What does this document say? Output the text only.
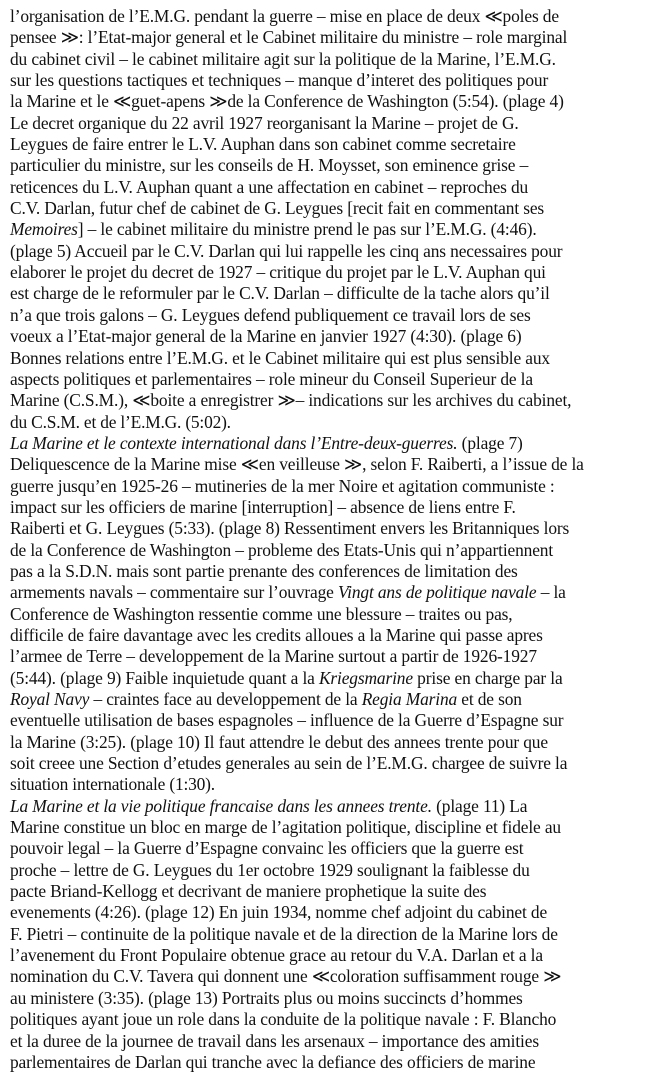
l’organisation de l’E.M.G. pendant la guerre – mise en place de deux ≪poles de
pensee ≫: l’Etat-major general et le Cabinet militaire du ministre – role marginal
du cabinet civil – le cabinet militaire agit sur la politique de la Marine, l’E.M.G.
sur les questions tactiques et techniques – manque d’interet des politiques pour
la Marine et le ≪guet-apens ≫de la Conference de Washington (5:54). (plage 4)
Le decret organique du 22 avril 1927 reorganisant la Marine – projet de G.
Leygues de faire entrer le L.V. Auphan dans son cabinet comme secretaire
particulier du ministre, sur les conseils de H. Moysset, son eminence grise –
reticences du L.V. Auphan quant a une affectation en cabinet – reproches du
C.V. Darlan, futur chef de cabinet de G. Leygues [recit fait en commentant ses
Memoires] – le cabinet militaire du ministre prend le pas sur l’E.M.G. (4:46).
(plage 5) Accueil par le C.V. Darlan qui lui rappelle les cinq ans necessaires pour
elaborer le projet du decret de 1927 – critique du projet par le L.V. Auphan qui
est charge de le reformuler par le C.V. Darlan – difficulte de la tache alors qu’il
n’a que trois galons – G. Leygues defend publiquement ce travail lors de ses
voeux a l’Etat-major general de la Marine en janvier 1927 (4:30). (plage 6)
Bonnes relations entre l’E.M.G. et le Cabinet militaire qui est plus sensible aux
aspects politiques et parlementaires – role mineur du Conseil Superieur de la
Marine (C.S.M.), ≪boite a enregistrer ≫– indications sur les archives du cabinet,
du C.S.M. et de l’E.M.G. (5:02).
La Marine et le contexte international dans l’Entre-deux-guerres. (plage 7)
Deliquescence de la Marine mise ≪en veilleuse ≫, selon F. Raiberti, a l’issue de la
guerre jusqu’en 1925-26 – mutineries de la mer Noire et agitation communiste :
impact sur les officiers de marine [interruption] – absence de liens entre F.
Raiberti et G. Leygues (5:33). (plage 8) Ressentiment envers les Britanniques lors
de la Conference de Washington – probleme des Etats-Unis qui n’appartiennent
pas a la S.D.N. mais sont partie prenante des conferences de limitation des
armements navals – commentaire sur l’ouvrage Vingt ans de politique navale – la
Conference de Washington ressentie comme une blessure – traites ou pas,
difficile de faire davantage avec les credits alloues a la Marine qui passe apres
l’armee de Terre – developpement de la Marine surtout a partir de 1926-1927
(5:44). (plage 9) Faible inquietude quant a la Kriegsmarine prise en charge par la
Royal Navy – craintes face au developpement de la Regia Marina et de son
eventuelle utilisation de bases espagnoles – influence de la Guerre d’Espagne sur
la Marine (3:25). (plage 10) Il faut attendre le debut des annees trente pour que
soit creee une Section d’etudes generales au sein de l’E.M.G. chargee de suivre la
situation internationale (1:30).
La Marine et la vie politique francaise dans les annees trente. (plage 11) La
Marine constitue un bloc en marge de l’agitation politique, discipline et fidele au
pouvoir legal – la Guerre d’Espagne convainc les officiers que la guerre est
proche – lettre de G. Leygues du 1er octobre 1929 soulignant la faiblesse du
pacte Briand-Kellogg et decrivant de maniere prophetique la suite des
evenements (4:26). (plage 12) En juin 1934, nomme chef adjoint du cabinet de
F. Pietri – continuite de la politique navale et de la direction de la Marine lors de
l’avenement du Front Populaire obtenue grace au retour du V.A. Darlan et a la
nomination du C.V. Tavera qui donnent une ≪coloration suffisamment rouge ≫
au ministere (3:35). (plage 13) Portraits plus ou moins succincts d’hommes
politiques ayant joue un role dans la conduite de la politique navale : F. Blancho
et la duree de la journee de travail dans les arsenaux – importance des amities
parlementaires de Darlan qui tranche avec la defiance des officiers de marine
